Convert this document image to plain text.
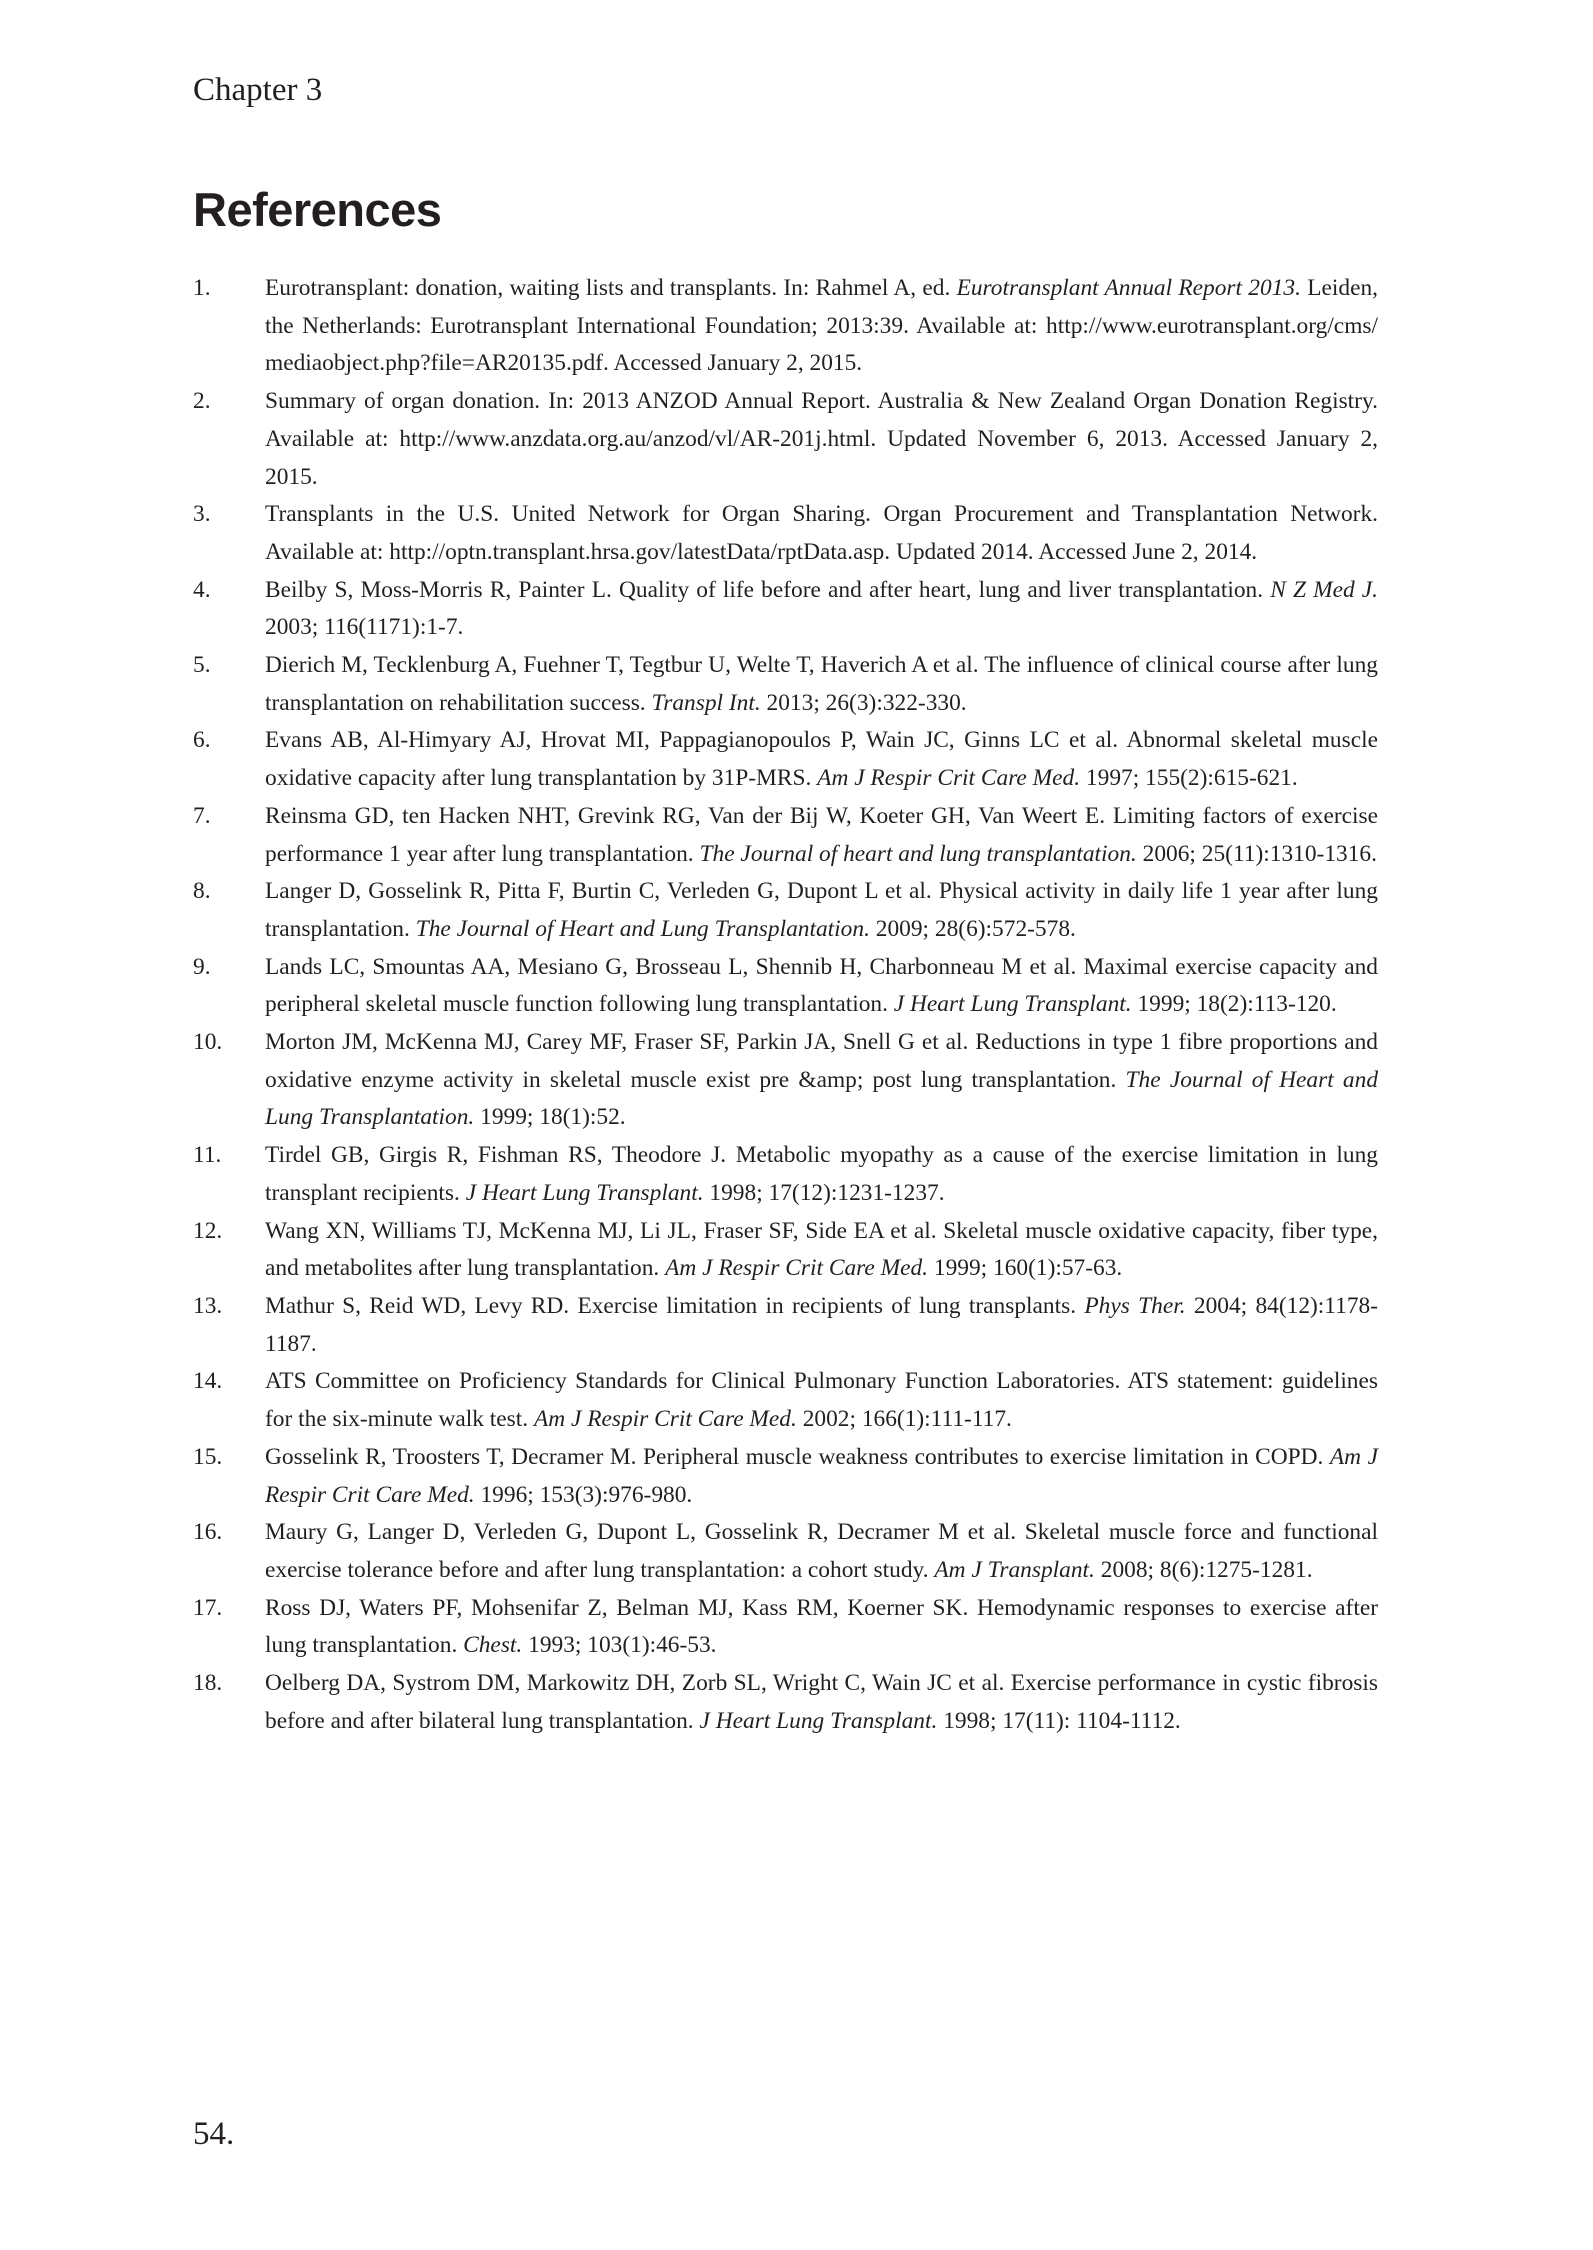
Chapter 3
References
1.	Eurotransplant: donation, waiting lists and transplants. In: Rahmel A, ed. Eurotransplant Annual Report 2013. Leiden, the Netherlands: Eurotransplant International Foundation; 2013:39. Available at: http://www.eurotransplant.org/cms/ mediaobject.php?file=AR20135.pdf. Accessed January 2, 2015.
2.	Summary of organ donation. In: 2013 ANZOD Annual Report. Australia & New Zealand Organ Donation Registry. Available at: http://www.anzdata.org.au/anzod/vl/AR-201j.html. Updated November 6, 2013. Accessed January 2, 2015.
3.	Transplants in the U.S. United Network for Organ Sharing. Organ Procurement and Transplantation Network. Available at: http://optn.transplant.hrsa.gov/latestData/rptData.asp. Updated 2014. Accessed June 2, 2014.
4.	Beilby S, Moss-Morris R, Painter L. Quality of life before and after heart, lung and liver transplantation. N Z Med J. 2003; 116(1171):1-7.
5.	Dierich M, Tecklenburg A, Fuehner T, Tegtbur U, Welte T, Haverich A et al. The influence of clinical course after lung transplantation on rehabilitation success. Transpl Int. 2013; 26(3):322-330.
6.	Evans AB, Al-Himyary AJ, Hrovat MI, Pappagianopoulos P, Wain JC, Ginns LC et al. Abnormal skeletal muscle oxidative capacity after lung transplantation by 31P-MRS. Am J Respir Crit Care Med. 1997; 155(2):615-621.
7.	Reinsma GD, ten Hacken NHT, Grevink RG, Van der Bij W, Koeter GH, Van Weert E. Limiting factors of exercise performance 1 year after lung transplantation. The Journal of heart and lung transplantation. 2006; 25(11):1310-1316.
8.	Langer D, Gosselink R, Pitta F, Burtin C, Verleden G, Dupont L et al. Physical activity in daily life 1 year after lung transplantation. The Journal of Heart and Lung Transplantation. 2009; 28(6):572-578.
9.	Lands LC, Smountas AA, Mesiano G, Brosseau L, Shennib H, Charbonneau M et al. Maximal exercise capacity and peripheral skeletal muscle function following lung transplantation. J Heart Lung Transplant. 1999; 18(2):113-120.
10.	Morton JM, McKenna MJ, Carey MF, Fraser SF, Parkin JA, Snell G et al. Reductions in type 1 fibre proportions and oxidative enzyme activity in skeletal muscle exist pre &amp; post lung transplantation. The Journal of Heart and Lung Transplantation. 1999; 18(1):52.
11.	Tirdel GB, Girgis R, Fishman RS, Theodore J. Metabolic myopathy as a cause of the exercise limitation in lung transplant recipients. J Heart Lung Transplant. 1998; 17(12):1231-1237.
12.	Wang XN, Williams TJ, McKenna MJ, Li JL, Fraser SF, Side EA et al. Skeletal muscle oxidative capacity, fiber type, and metabolites after lung transplantation. Am J Respir Crit Care Med. 1999; 160(1):57-63.
13.	Mathur S, Reid WD, Levy RD. Exercise limitation in recipients of lung transplants. Phys Ther. 2004; 84(12):1178-1187.
14.	ATS Committee on Proficiency Standards for Clinical Pulmonary Function Laboratories. ATS statement: guidelines for the six-minute walk test. Am J Respir Crit Care Med. 2002; 166(1):111-117.
15.	Gosselink R, Troosters T, Decramer M. Peripheral muscle weakness contributes to exercise limitation in COPD. Am J Respir Crit Care Med. 1996; 153(3):976-980.
16.	Maury G, Langer D, Verleden G, Dupont L, Gosselink R, Decramer M et al. Skeletal muscle force and functional exercise tolerance before and after lung transplantation: a cohort study. Am J Transplant. 2008; 8(6):1275-1281.
17.	Ross DJ, Waters PF, Mohsenifar Z, Belman MJ, Kass RM, Koerner SK. Hemodynamic responses to exercise after lung transplantation. Chest. 1993; 103(1):46-53.
18.	Oelberg DA, Systrom DM, Markowitz DH, Zorb SL, Wright C, Wain JC et al. Exercise performance in cystic fibrosis before and after bilateral lung transplantation. J Heart Lung Transplant. 1998; 17(11): 1104-1112.
54.
